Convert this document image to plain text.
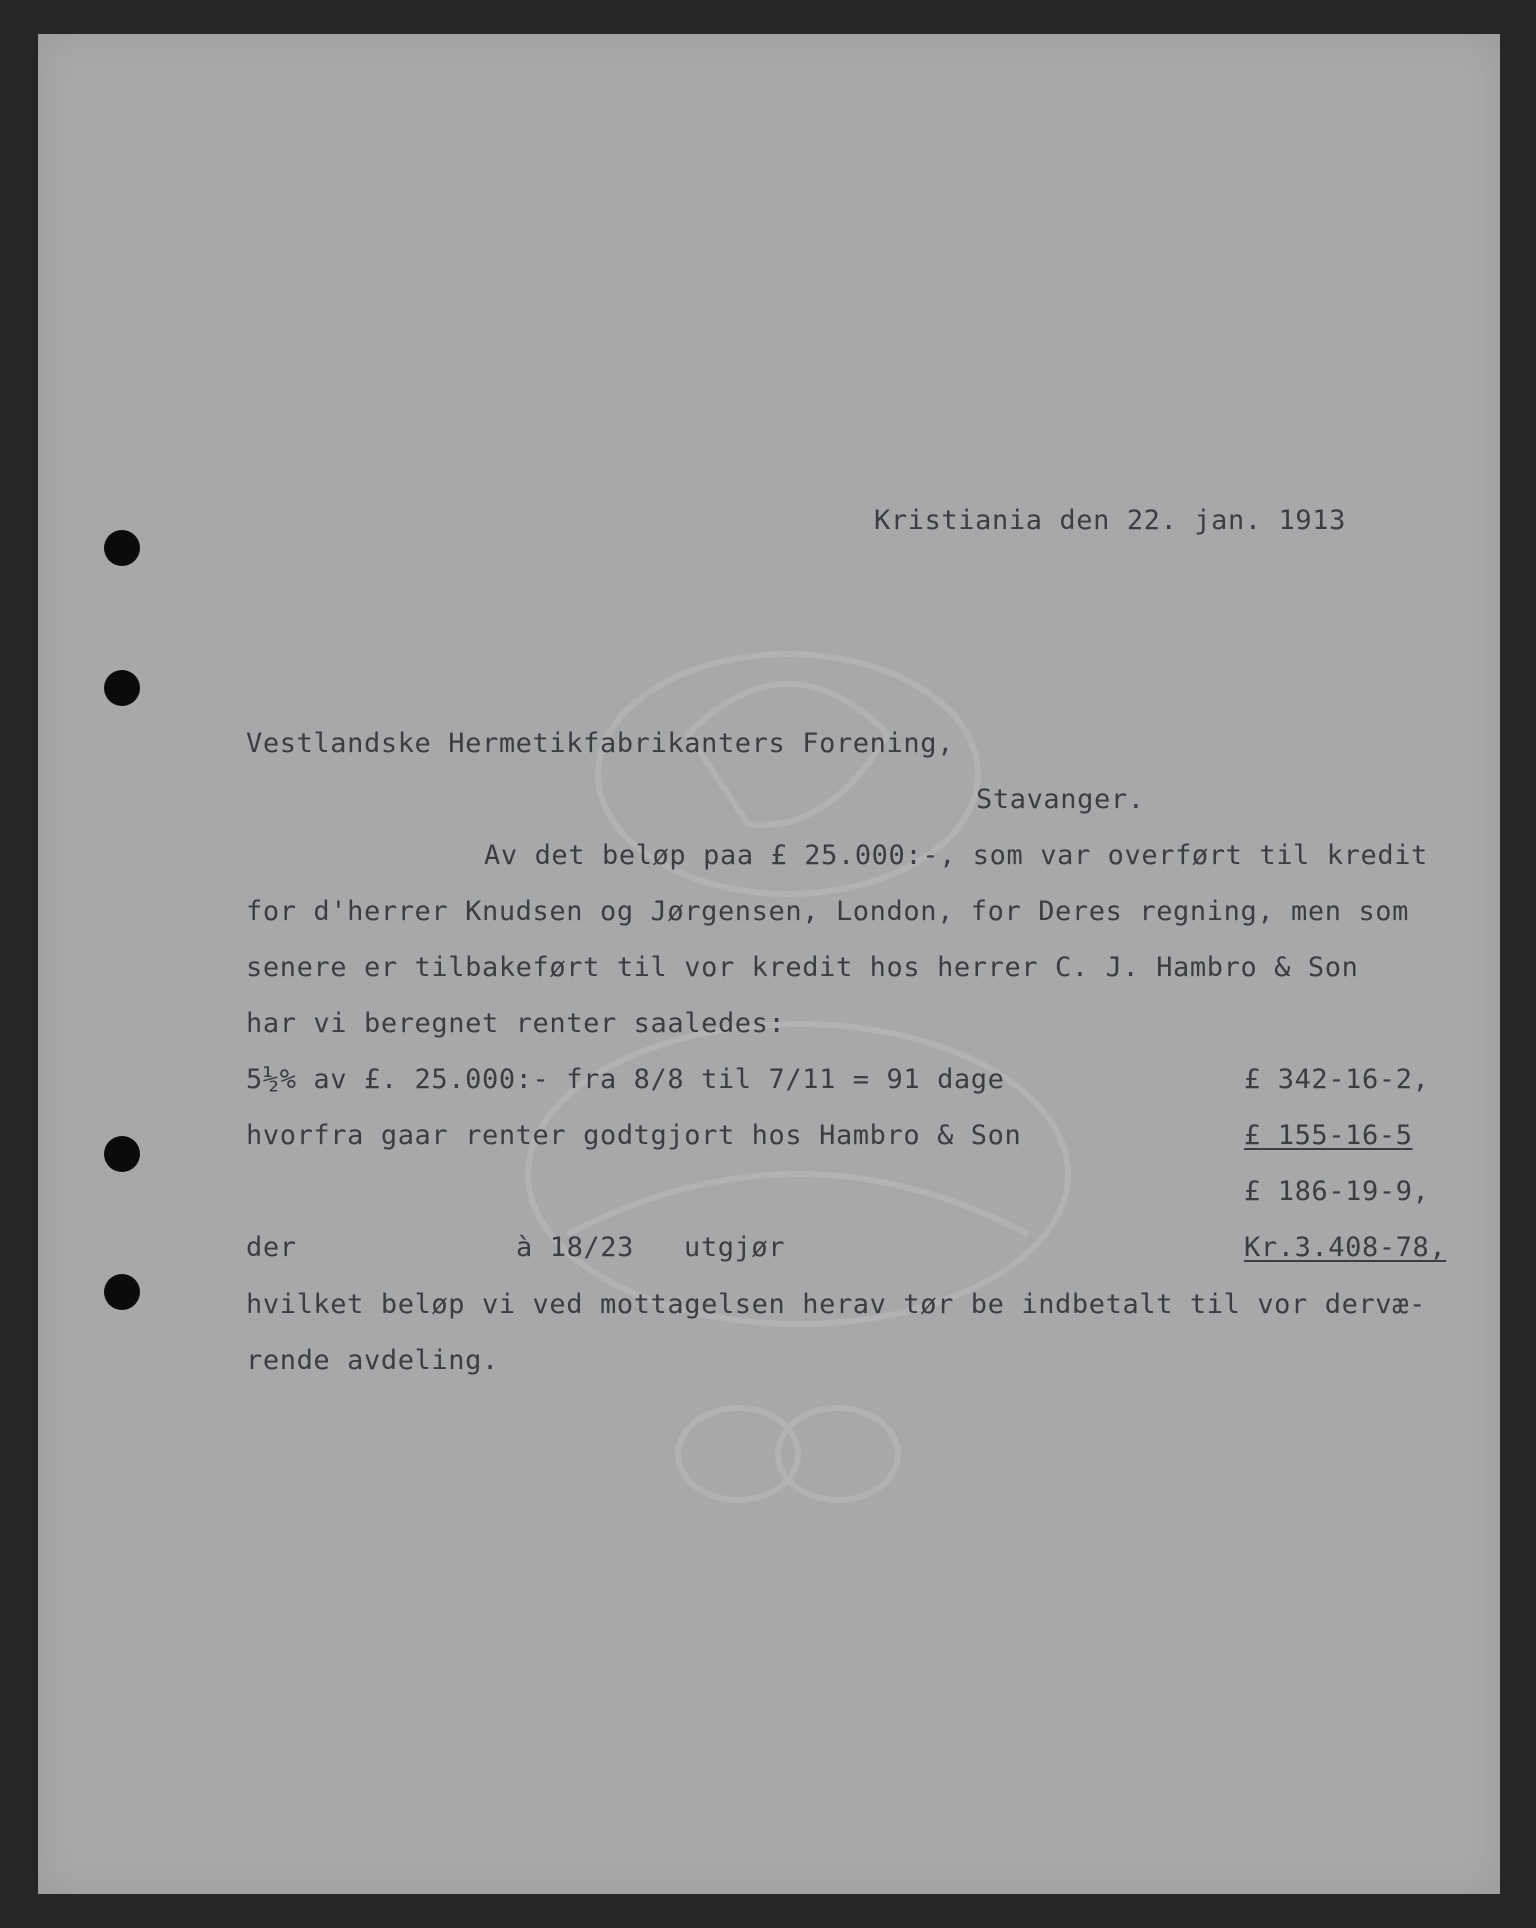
Kristiania den 22. jan. 1913
Vestlandske Hermetikfabrikanters Forening,
Stavanger.
Av det beløp paa £ 25.000:-, som var overført til kredit
for d'herrer Knudsen og Jørgensen, London, for Deres regning, men som
senere er tilbakeført til vor kredit hos herrer C. J. Hambro & Son
har vi beregnet renter saaledes:
5½% av £. 25.000:- fra 8/8 til 7/11 = 91 dage	£ 342-16-2,
hvorfra gaar renter godtgjort hos Hambro & Son	£ 155-16-5
£ 186-19-9,
der	à 18/23 utgjør	Kr.3.408-78,
hvilket beløp vi ved mottagelsen herav tør be indbetalt til vor dervæ-
rende avdeling.
